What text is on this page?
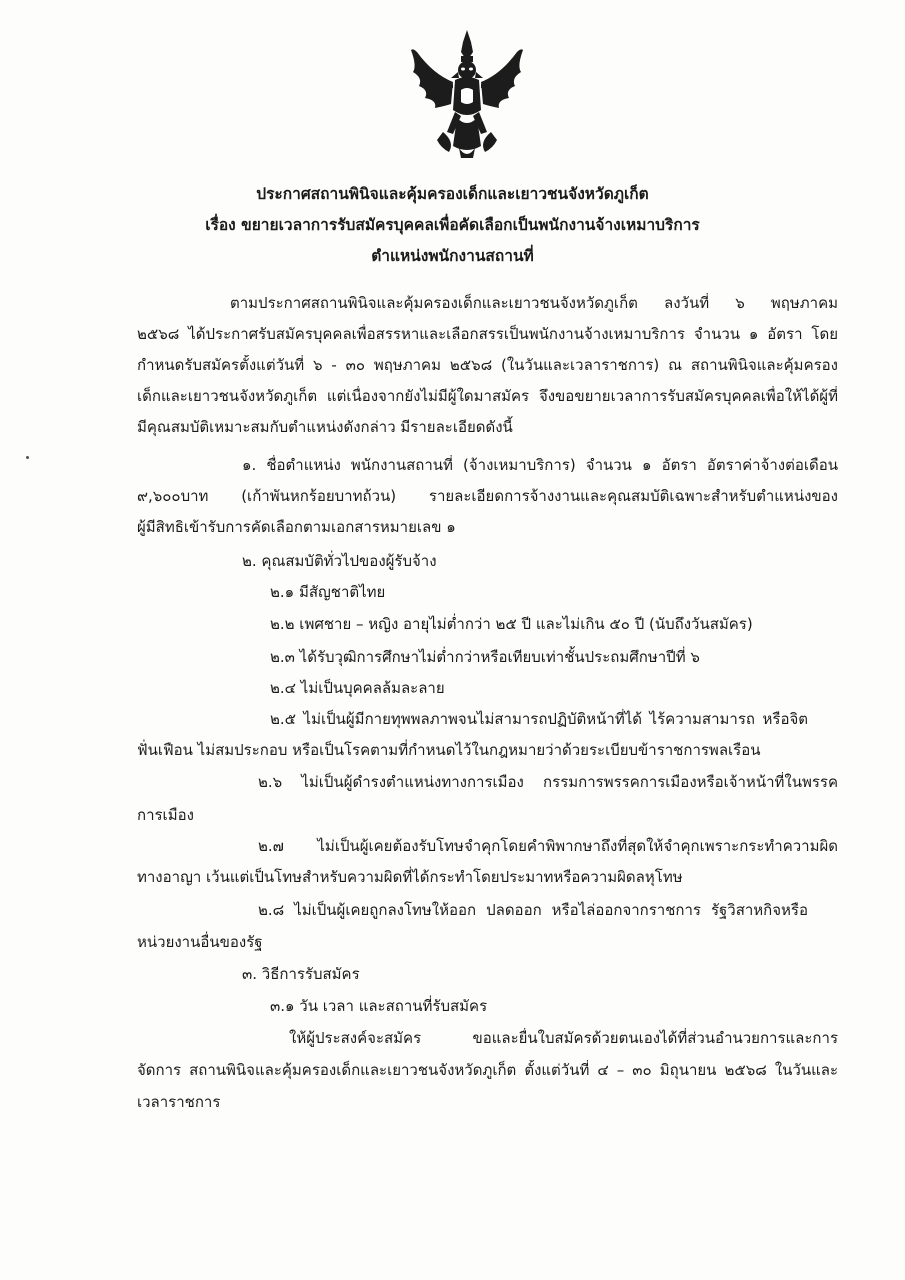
ประกาศสถานพินิจและคุ้มครองเด็กและเยาวชนจังหวัดภูเก็ต
เรื่อง ขยายเวลาการรับสมัครบุคคลเพื่อคัดเลือกเป็นพนักงานจ้างเหมาบริการ
ตำแหน่งพนักงานสถานที่
ตามประกาศสถานพินิจและคุ้มครองเด็กและเยาวชนจังหวัดภูเก็ต ลงวันที่ ๖ พฤษภาคม
๒๕๖๘ ได้ประกาศรับสมัครบุคคลเพื่อสรรหาและเลือกสรรเป็นพนักงานจ้างเหมาบริการ จำนวน ๑ อัตรา โดย
กำหนดรับสมัครตั้งแต่วันที่ ๖ - ๓๐ พฤษภาคม ๒๕๖๘ (ในวันและเวลาราชการ) ณ สถานพินิจและคุ้มครอง
เด็กและเยาวชนจังหวัดภูเก็ต แต่เนื่องจากยังไม่มีผู้ใดมาสมัคร จึงขอขยายเวลาการรับสมัครบุคคลเพื่อให้ได้ผู้ที่
มีคุณสมบัติเหมาะสมกับตำแหน่งดังกล่าว มีรายละเอียดดังนี้
๑. ชื่อตำแหน่ง พนักงานสถานที่ (จ้างเหมาบริการ) จำนวน ๑ อัตรา อัตราค่าจ้างต่อเดือน
๙,๖๐๐บาท (เก้าพันหกร้อยบาทถ้วน) รายละเอียดการจ้างงานและคุณสมบัติเฉพาะสำหรับตำแหน่งของ
ผู้มีสิทธิเข้ารับการคัดเลือกตามเอกสารหมายเลข ๑
๒. คุณสมบัติทั่วไปของผู้รับจ้าง
๒.๑ มีสัญชาติไทย
๒.๒ เพศชาย – หญิง อายุไม่ต่ำกว่า ๒๕ ปี และไม่เกิน ๕๐ ปี (นับถึงวันสมัคร)
๒.๓ ได้รับวุฒิการศึกษาไม่ต่ำกว่าหรือเทียบเท่าชั้นประถมศึกษาปีที่ ๖
๒.๔ ไม่เป็นบุคคลล้มละลาย
๒.๕ ไม่เป็นผู้มีกายทุพพลภาพจนไม่สามารถปฏิบัติหน้าที่ได้ ไร้ความสามารถ หรือจิต
ฟั่นเฟือน ไม่สมประกอบ หรือเป็นโรคตามที่กำหนดไว้ในกฎหมายว่าด้วยระเบียบข้าราชการพลเรือน
๒.๖ ไม่เป็นผู้ดำรงตำแหน่งทางการเมือง กรรมการพรรคการเมืองหรือเจ้าหน้าที่ในพรรค
การเมือง
๒.๗ ไม่เป็นผู้เคยต้องรับโทษจำคุกโดยคำพิพากษาถึงที่สุดให้จำคุกเพราะกระทำความผิด
ทางอาญา เว้นแต่เป็นโทษสำหรับความผิดที่ได้กระทำโดยประมาทหรือความผิดลหุโทษ
๒.๘ ไม่เป็นผู้เคยถูกลงโทษให้ออก ปลดออก หรือไล่ออกจากราชการ รัฐวิสาหกิจหรือ
หน่วยงานอื่นของรัฐ
๓. วิธีการรับสมัคร
๓.๑ วัน เวลา และสถานที่รับสมัคร
ให้ผู้ประสงค์จะสมัคร ขอและยื่นใบสมัครด้วยตนเองได้ที่ส่วนอำนวยการและการ
จัดการ สถานพินิจและคุ้มครองเด็กและเยาวชนจังหวัดภูเก็ต ตั้งแต่วันที่ ๔ – ๓๐ มิถุนายน ๒๕๖๘ ในวันและ
เวลาราชการ
